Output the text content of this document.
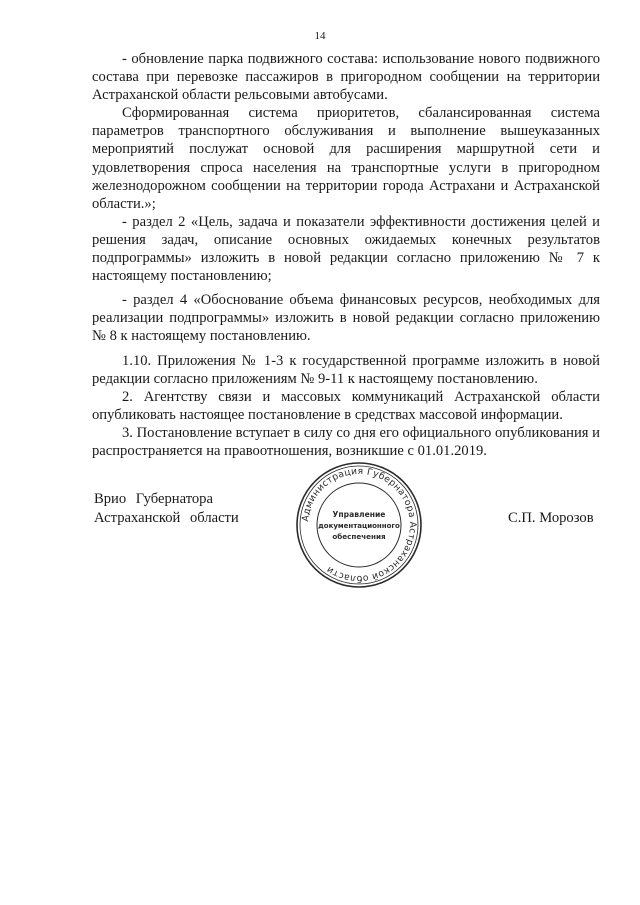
14

- обновление парка подвижного состава: использование нового подвижного состава при перевозке пассажиров в пригородном сообщении на территории Астраханской области рельсовыми автобусами.

Сформированная система приоритетов, сбалансированная система параметров транспортного обслуживания и выполнение вышеуказанных мероприятий послужат основой для расширения маршрутной сети и удовлетворения спроса населения на транспортные услуги в пригородном железнодорожном сообщении на территории города Астрахани и Астраханской области.»;

- раздел 2 «Цель, задача и показатели эффективности достижения целей и решения задач, описание основных ожидаемых конечных результатов подпрограммы» изложить в новой редакции согласно приложению № 7 к настоящему постановлению;

- раздел 4 «Обоснование объема финансовых ресурсов, необходимых для реализации подпрограммы» изложить в новой редакции согласно приложению № 8 к настоящему постановлению.

1.10. Приложения № 1-3 к государственной программе изложить в новой редакции согласно приложениям № 9-11 к настоящему постановлению.

2. Агентству связи и массовых коммуникаций Астраханской области опубликовать настоящее постановление в средствах массовой информации.

3. Постановление вступает в силу со дня его официального опубликования и распространяется на правоотношения, возникшие с 01.01.2019.

Врио Губернатора
Астраханской области	С.П. Морозов
Администрация Губернатора Астраханской области
Управление
документационного
обеспечения
